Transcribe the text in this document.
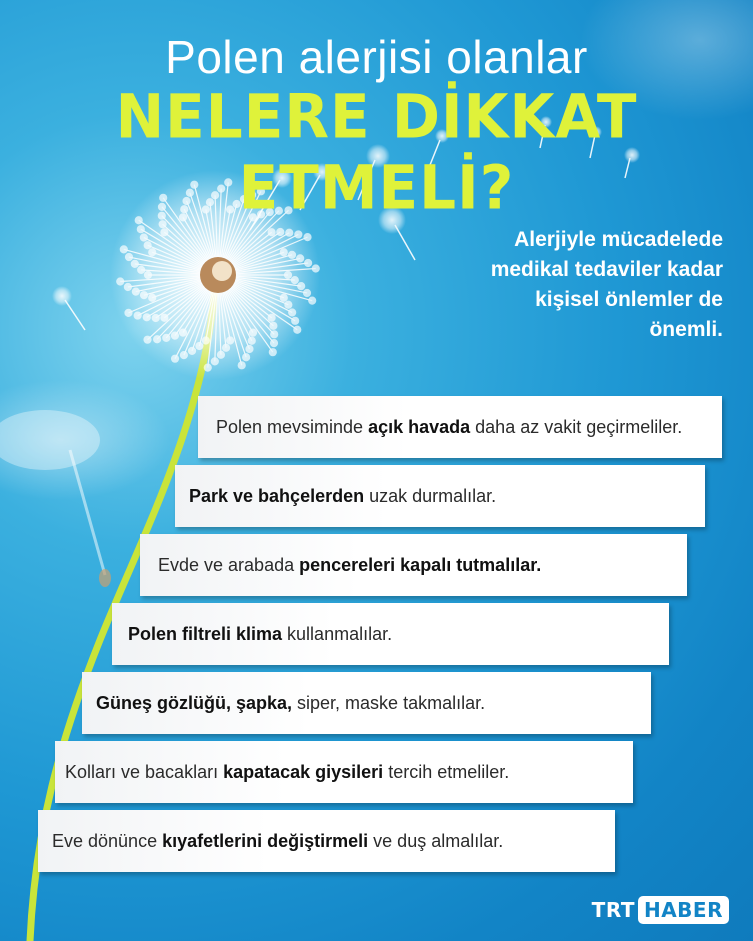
Polen alerjisi olanlar
NELERE DİKKAT ETMELİ?
Alerjiyle mücadelede
medikal tedaviler kadar
kişisel önlemler de
önemli.
Polen mevsiminde açık havada daha az vakit geçirmeliler.
Park ve bahçelerden uzak durmalılar.
Evde ve arabada pencereleri kapalı tutmalılar.
Polen filtreli klima kullanmalılar.
Güneş gözlüğü, şapka, siper, maske takmalılar.
Kolları ve bacakları kapatacak giysileri tercih etmeliler.
Eve dönünce kıyafetlerini değiştirmeli ve duş almalılar.
TRT HABER
